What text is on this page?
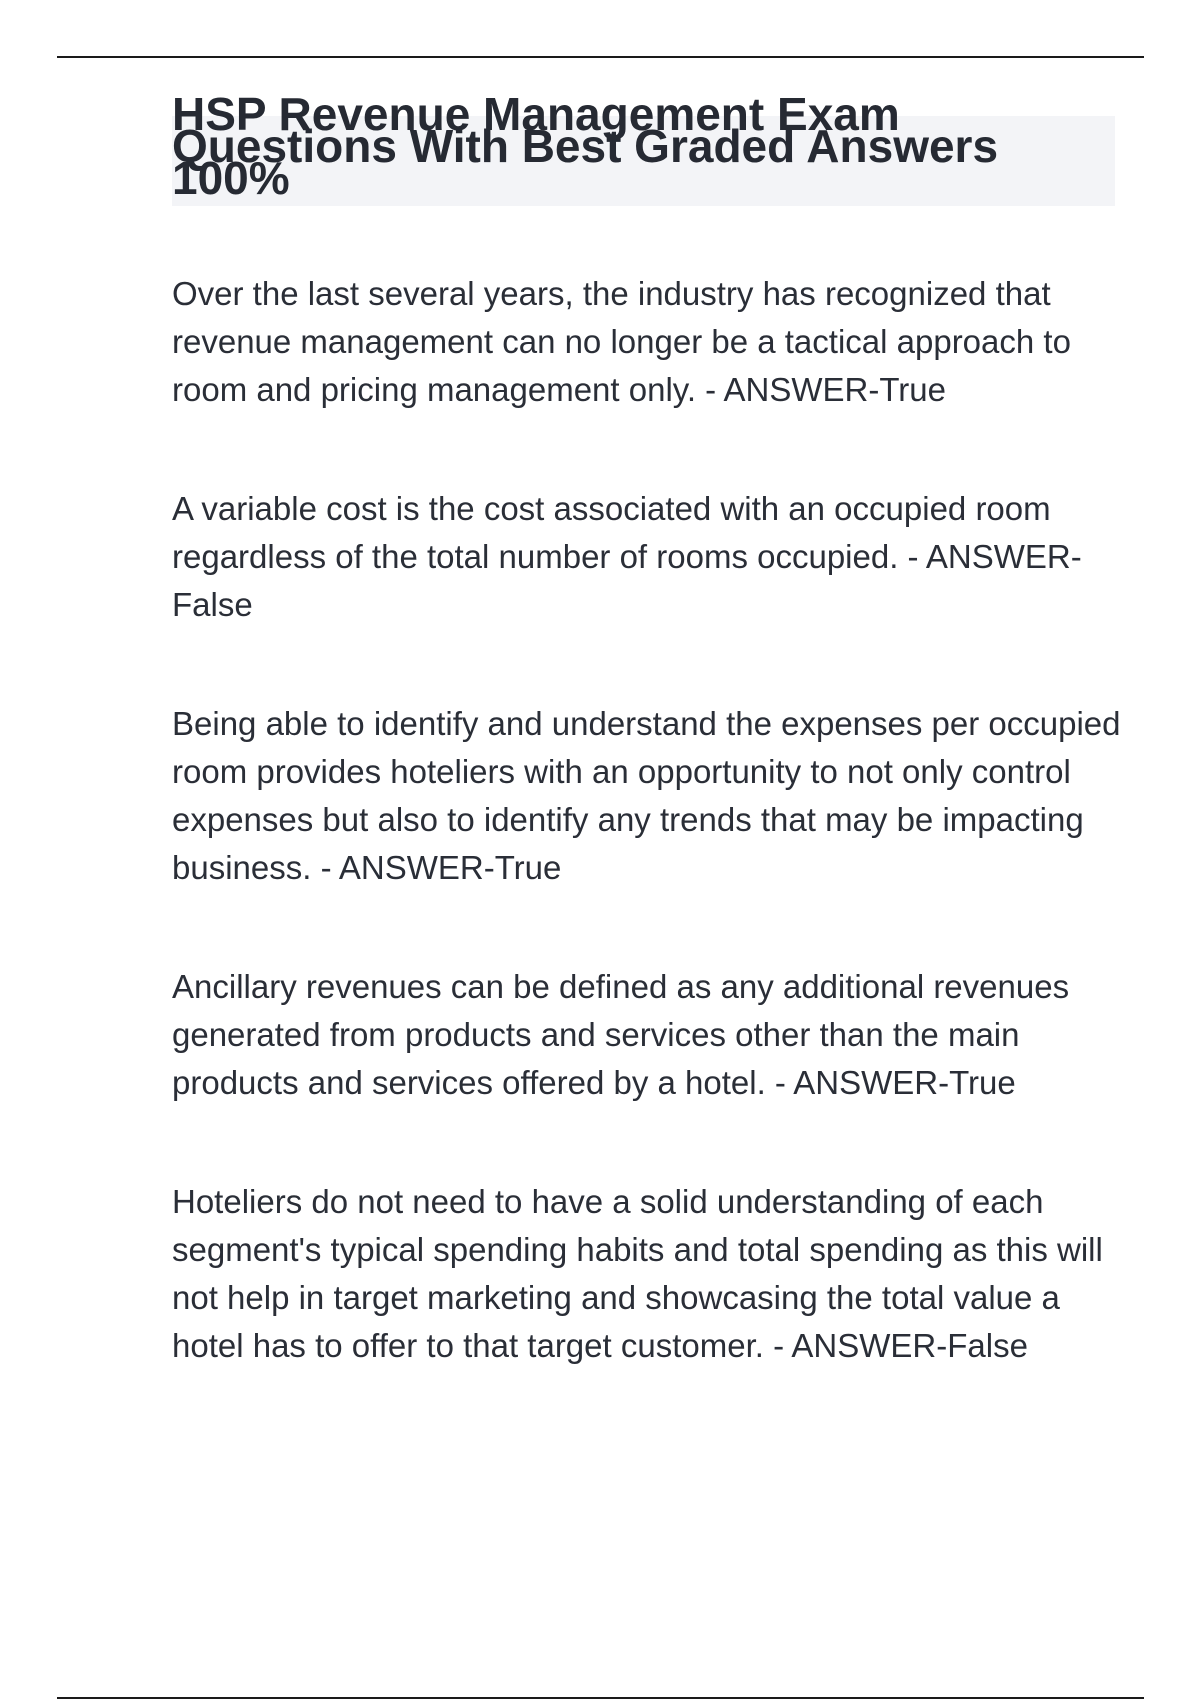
HSP Revenue Management Exam Questions With Best Graded Answers 100%

Over the last several years, the industry has recognized that revenue management can no longer be a tactical approach to room and pricing management only. - ANSWER-True

A variable cost is the cost associated with an occupied room regardless of the total number of rooms occupied. - ANSWER-False

Being able to identify and understand the expenses per occupied room provides hoteliers with an opportunity to not only control expenses but also to identify any trends that may be impacting business. - ANSWER-True

Ancillary revenues can be defined as any additional revenues generated from products and services other than the main products and services offered by a hotel. - ANSWER-True

Hoteliers do not need to have a solid understanding of each segment's typical spending habits and total spending as this will not help in target marketing and showcasing the total value a hotel has to offer to that target customer. - ANSWER-False
